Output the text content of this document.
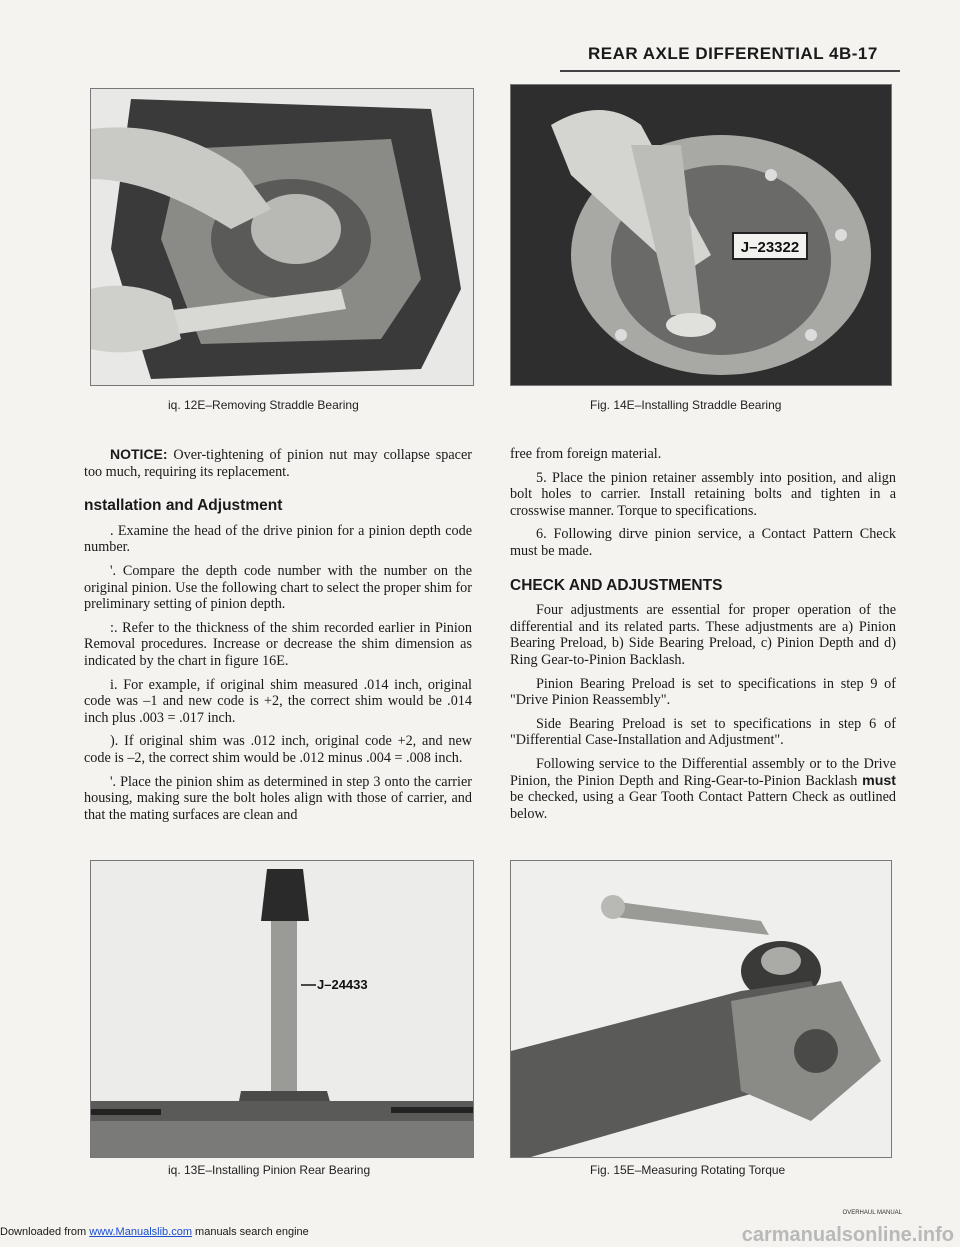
REAR AXLE DIFFERENTIAL 4B-17
iq. 12E–Removing Straddle Bearing
J–23322
Fig. 14E–Installing Straddle Bearing

NOTICE: Over-tightening of pinion nut may collapse spacer too much, requiring its replacement.

nstallation and Adjustment

. Examine the head of the drive pinion for a pinion depth code number.

'. Compare the depth code number with the number on the original pinion. Use the following chart to select the proper shim for preliminary setting of pinion depth.

:. Refer to the thickness of the shim recorded earlier in Pinion Removal procedures. Increase or decrease the shim dimension as indicated by the chart in figure 16E.

i. For example, if original shim measured .014 inch, original code was –1 and new code is +2, the correct shim would be .014 inch plus .003 = .017 inch.

). If original shim was .012 inch, original code +2, and new code is –2, the correct shim would be .012 minus .004 = .008 inch.

'. Place the pinion shim as determined in step 3 onto the carrier housing, making sure the bolt holes align with those of carrier, and that the mating surfaces are clean and

free from foreign material.

5. Place the pinion retainer assembly into position, and align bolt holes to carrier. Install retaining bolts and tighten in a crosswise manner. Torque to specifications.

6. Following dirve pinion service, a Contact Pattern Check must be made.

CHECK AND ADJUSTMENTS

Four adjustments are essential for proper operation of the differential and its related parts. These adjustments are a) Pinion Bearing Preload, b) Side Bearing Preload, c) Pinion Depth and d) Ring Gear-to-Pinion Backlash.

Pinion Bearing Preload is set to specifications in step 9 of "Drive Pinion Reassembly".

Side Bearing Preload is set to specifications in step 6 of "Differential Case-Installation and Adjustment".

Following service to the Differential assembly or to the Drive Pinion, the Pinion Depth and Ring-Gear-to-Pinion Backlash must be checked, using a Gear Tooth Contact Pattern Check as outlined below.

J–24433
iq. 13E–Installing Pinion Rear Bearing	Fig. 15E–Measuring Rotating Torque
OVERHAUL MANUAL
Downloaded from www.Manualslib.com manuals search engine	carmanualsonline.info
